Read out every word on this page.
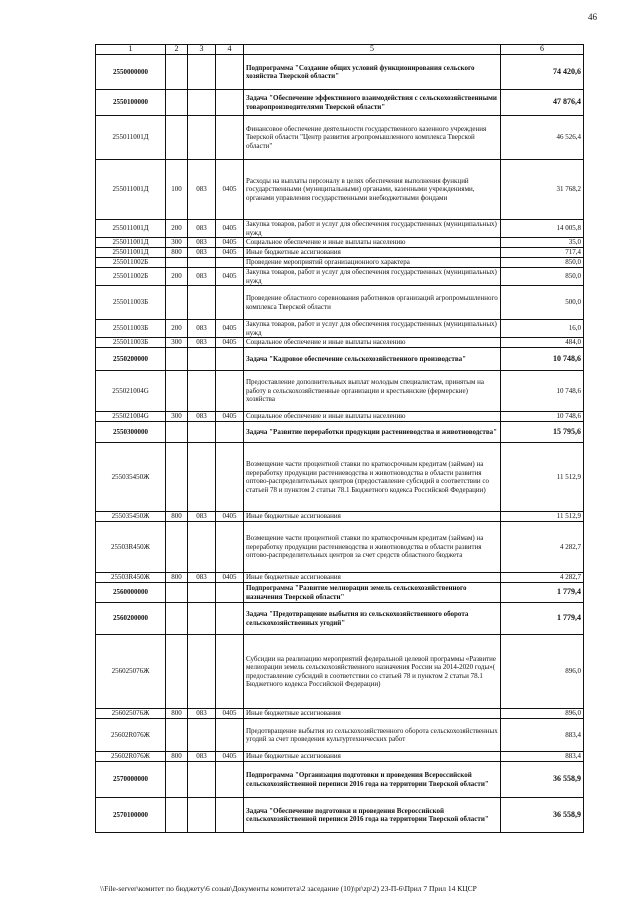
46
1	2	3	4	5	6
2550000000				Подпрограмма "Создание общих условий функционирования сельского хозяйства Тверской области"	74 420,6
2550100000				Задача "Обеспечение эффективного взаимодействия с сельскохозяйственными товаропроизводителями Тверской области"	47 876,4
255011001Д				Финансовое обеспечение деятельности государственного казенного учреждения Тверской области "Центр развития агропромышленного комплекса Тверской области"	46 526,4
255011001Д	100	083	0405	Расходы на выплаты персоналу в целях обеспечения выполнения функций государственными (муниципальными) органами, казенными учреждениями, органами управления государственными внебюджетными фондами	31 768,2
255011001Д	200	083	0405	Закупка товаров, работ и услуг для обеспечения государственных (муниципальных) нужд	14 005,8
255011001Д	300	083	0405	Социальное обеспечение и иные выплаты населению	35,0
255011001Д	800	083	0405	Иные бюджетные ассигнования	717,4
255011002Б				Проведение мероприятий организационного характера	850,0
255011002Б	200	083	0405	Закупка товаров, работ и услуг для обеспечения государственных (муниципальных) нужд	850,0
255011003Б				Проведение областного соревнования работников организаций агропромышленного комплекса Тверской области	500,0
255011003Б	200	083	0405	Закупка товаров, работ и услуг для обеспечения государственных (муниципальных) нужд	16,0
255011003Б	300	083	0405	Социальное обеспечение и иные выплаты населению	484,0
2550200000				Задача "Кадровое обеспечение сельскохозяйственного производства"	10 748,6
255021004G				Предоставление дополнительных выплат молодым специалистам, принятым на работу в сельскохозяйственные организации и крестьянские (фермерские) хозяйства	10 748,6
255021004G	300	083	0405	Социальное обеспечение и иные выплаты населению	10 748,6
2550300000				Задача "Развитие переработки продукции растениеводства и животноводства"	15 795,6
255035450Ж				Возмещение части процентной ставки по краткосрочным кредитам (займам) на переработку продукции растениеводства и животноводства в области развития оптово-распределительных центров (предоставление субсидий в соответствии со статьей 78 и пунктом 2 статьи 78.1 Бюджетного кодекса Российской Федерации)	11 512,9
255035450Ж	800	083	0405	Иные бюджетные ассигнования	11 512,9
25503R450Ж				Возмещение части процентной ставки по краткосрочным кредитам (займам) на переработку продукции растениеводства и животноводства в области развития оптово-распределительных центров за счет средств областного бюджета	4 282,7
25503R450Ж	800	083	0405	Иные бюджетные ассигнования	4 282,7
2560000000				Подпрограмма "Развитие мелиорации земель сельскохозяйственного назначения Тверской области"	1 779,4
2560200000				Задача "Предотвращение выбытия из сельскохозяйственного оборота сельскохозяйственных угодий"	1 779,4
256025076Ж				Субсидии на реализацию мероприятий федеральной целевой программы «Развитие мелиорации земель сельскохозяйственного назначения России на 2014-2020 годы»( предоставление субсидий в соответствии со статьей 78 и пунктом 2 статьи 78.1 Бюджетного кодекса Российской Федерации)	896,0
256025076Ж	800	083	0405	Иные бюджетные ассигнования	896,0
25602R076Ж				Предотвращение выбытия из сельскохозяйственного оборота сельскохозяйственных угодий за счет проведения культуртехнических работ	883,4
25602R076Ж	800	083	0405	Иные бюджетные ассигнования	883,4
2570000000				Подпрограмма "Организация подготовки и проведения Всероссийской сельскохозяйственной переписи 2016 года на территории Тверской области"	36 558,9
2570100000				Задача "Обеспечение подготовки и проведения Всероссийской сельскохозяйственной переписи 2016 года на территории Тверской области"	36 558,9
\\File-server\комитет по бюджету\6 созыв\Документы комитета\2 заседание (10)\pr\zp\2) 23-П-6\Прил 7 Прил 14 КЦСР
